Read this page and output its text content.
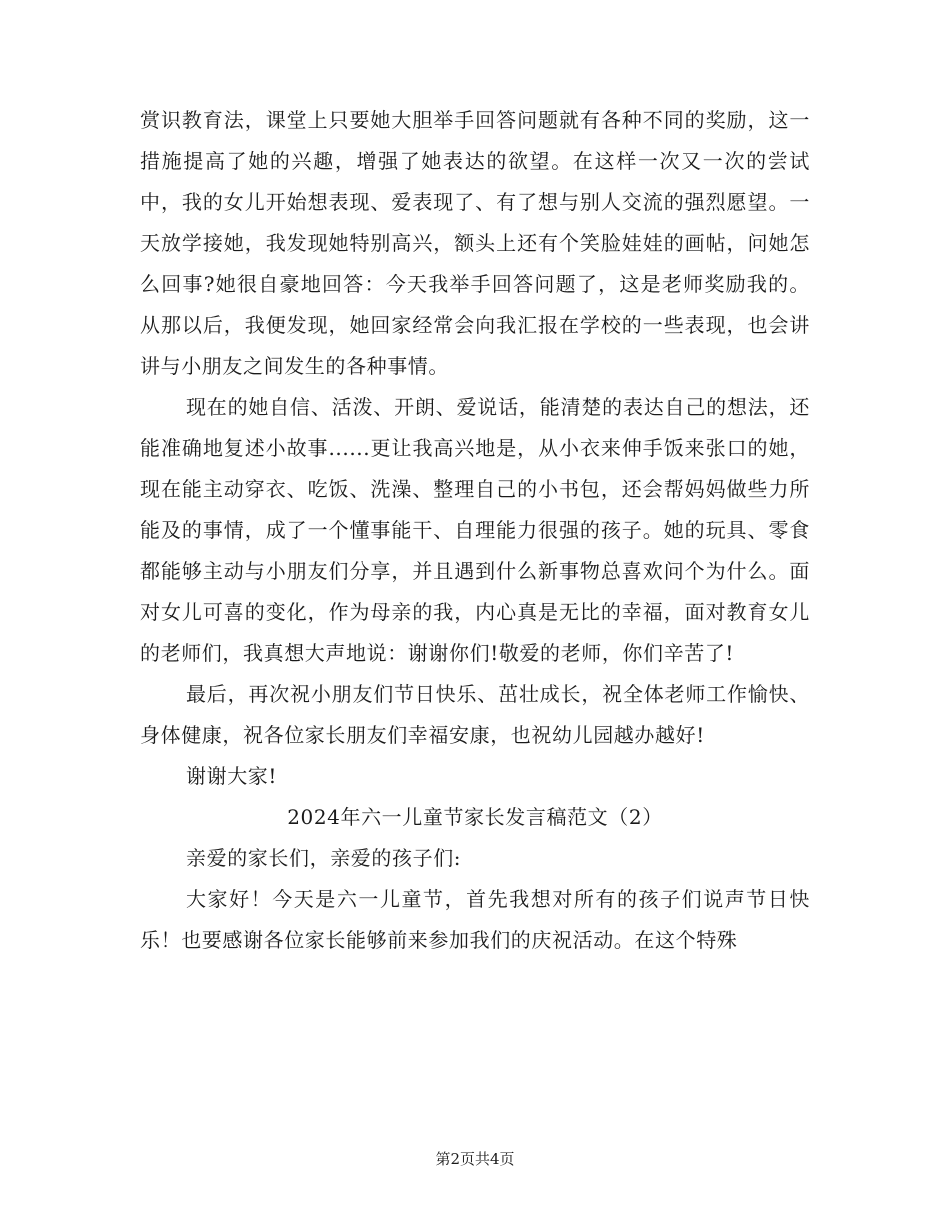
赏识教育法，课堂上只要她大胆举手回答问题就有各种不同的奖励，这一措施提高了她的兴趣，增强了她表达的欲望。在这样一次又一次的尝试中，我的女儿开始想表现、爱表现了、有了想与别人交流的强烈愿望。一天放学接她，我发现她特别高兴，额头上还有个笑脸娃娃的画帖，问她怎么回事?她很自豪地回答：今天我举手回答问题了，这是老师奖励我的。从那以后，我便发现，她回家经常会向我汇报在学校的一些表现，也会讲讲与小朋友之间发生的各种事情。

现在的她自信、活泼、开朗、爱说话，能清楚的表达自己的想法，还能准确地复述小故事......更让我高兴地是，从小衣来伸手饭来张口的她，现在能主动穿衣、吃饭、洗澡、整理自己的小书包，还会帮妈妈做些力所能及的事情，成了一个懂事能干、自理能力很强的孩子。她的玩具、零食都能够主动与小朋友们分享，并且遇到什么新事物总喜欢问个为什么。面对女儿可喜的变化，作为母亲的我，内心真是无比的幸福，面对教育女儿的老师们，我真想大声地说：谢谢你们!敬爱的老师，你们辛苦了!

最后，再次祝小朋友们节日快乐、茁壮成长，祝全体老师工作愉快、身体健康，祝各位家长朋友们幸福安康，也祝幼儿园越办越好!

谢谢大家!

2024年六一儿童节家长发言稿范文（2）

亲爱的家长们，亲爱的孩子们:

大家好！今天是六一儿童节，首先我想对所有的孩子们说声节日快乐！也要感谢各位家长能够前来参加我们的庆祝活动。在这个特殊

第2页共4页
